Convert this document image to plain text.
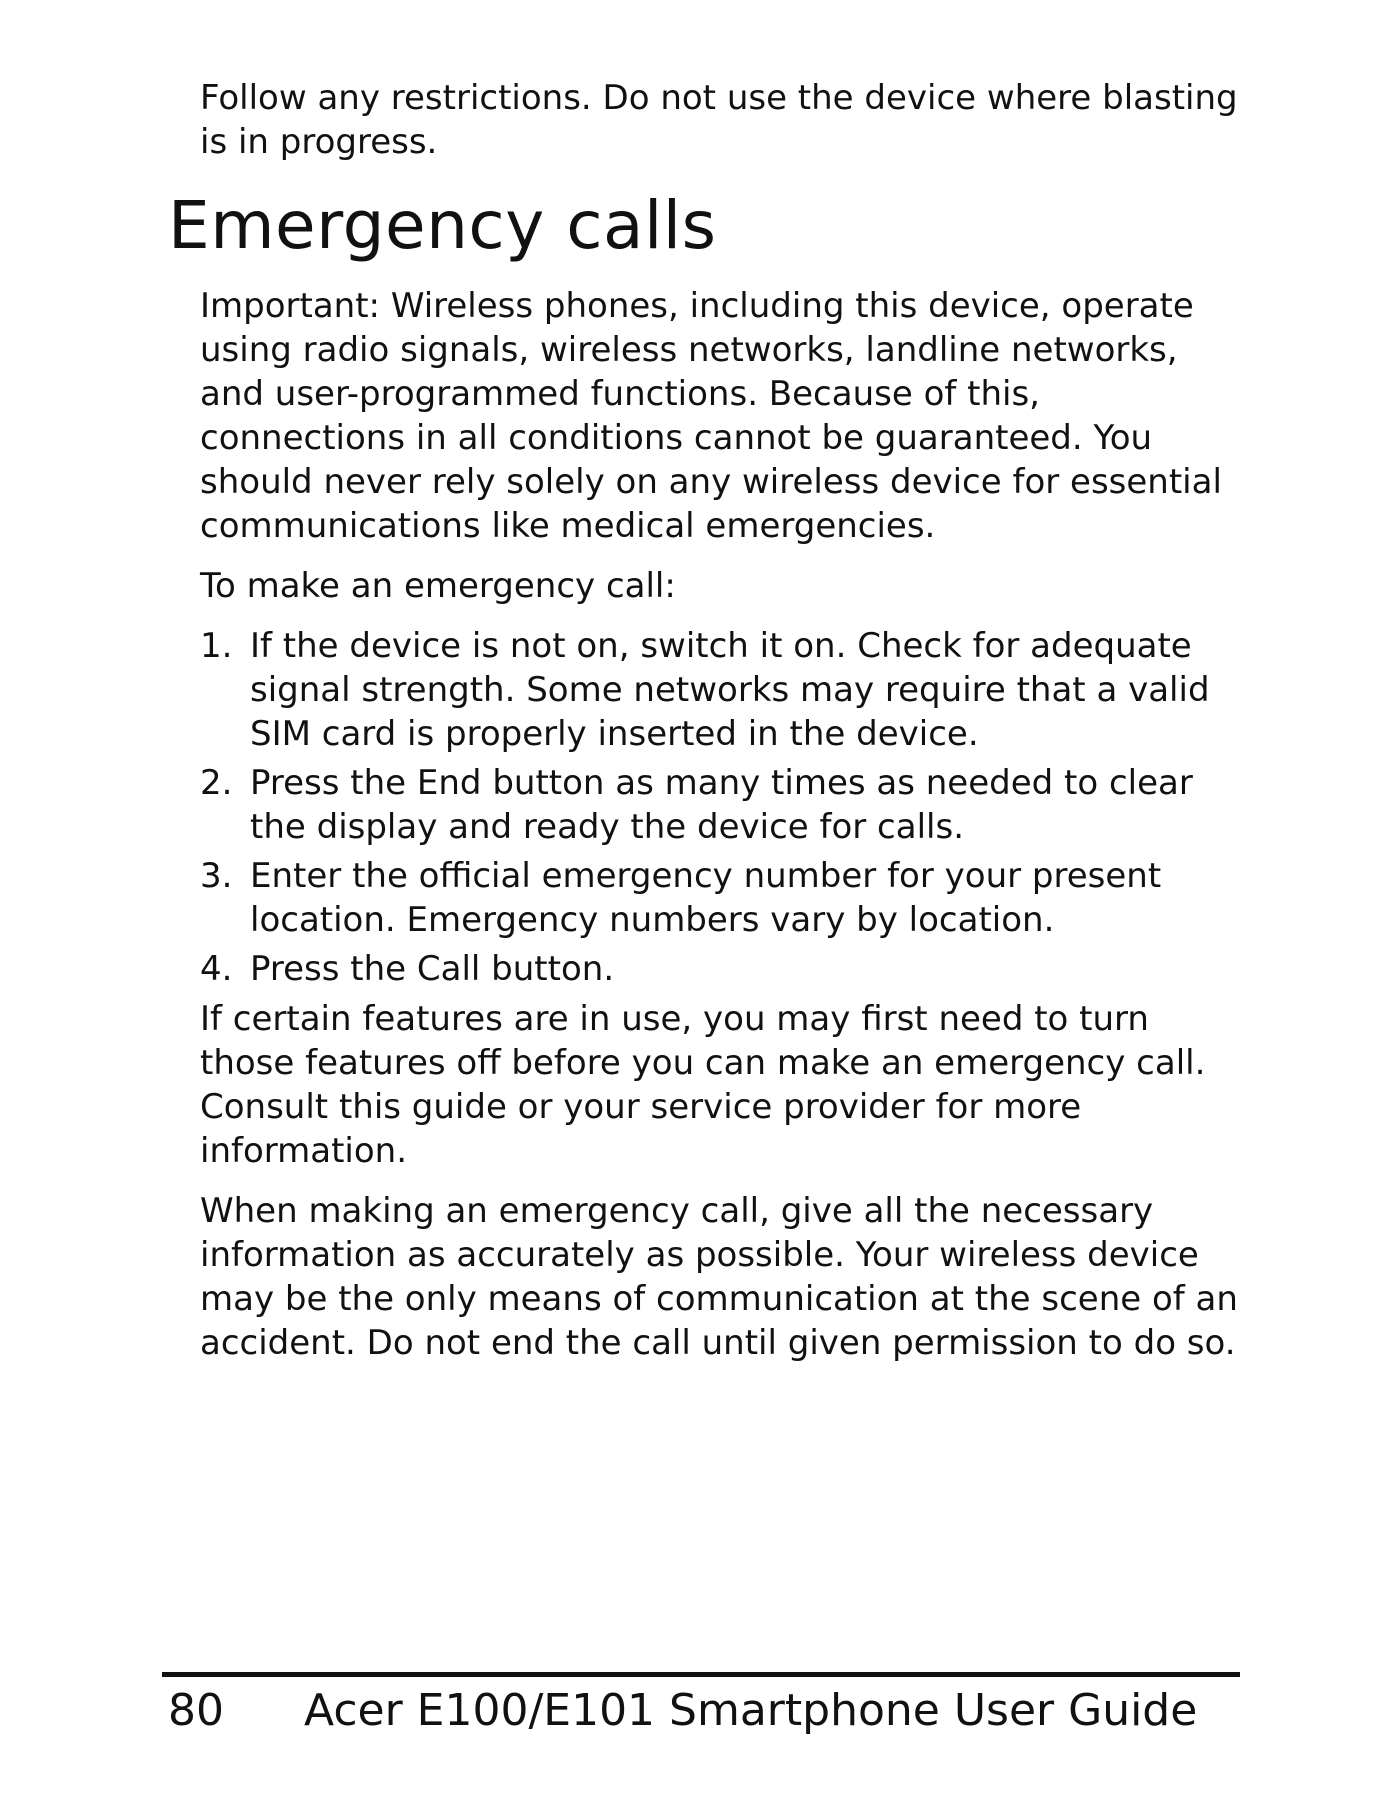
Follow any restrictions. Do not use the device where blasting is in progress.

Emergency calls

Important: Wireless phones, including this device, operate using radio signals, wireless networks, landline networks, and user-programmed functions. Because of this, connections in all conditions cannot be guaranteed. You should never rely solely on any wireless device for essential communications like medical emergencies.

To make an emergency call:

1. If the device is not on, switch it on. Check for adequate signal strength. Some networks may require that a valid SIM card is properly inserted in the device.
2. Press the End button as many times as needed to clear the display and ready the device for calls.
3. Enter the official emergency number for your present location. Emergency numbers vary by location.
4. Press the Call button.

If certain features are in use, you may first need to turn those features off before you can make an emergency call. Consult this guide or your service provider for more information.

When making an emergency call, give all the necessary information as accurately as possible. Your wireless device may be the only means of communication at the scene of an accident. Do not end the call until given permission to do so.

80 Acer E100/E101 Smartphone User Guide
